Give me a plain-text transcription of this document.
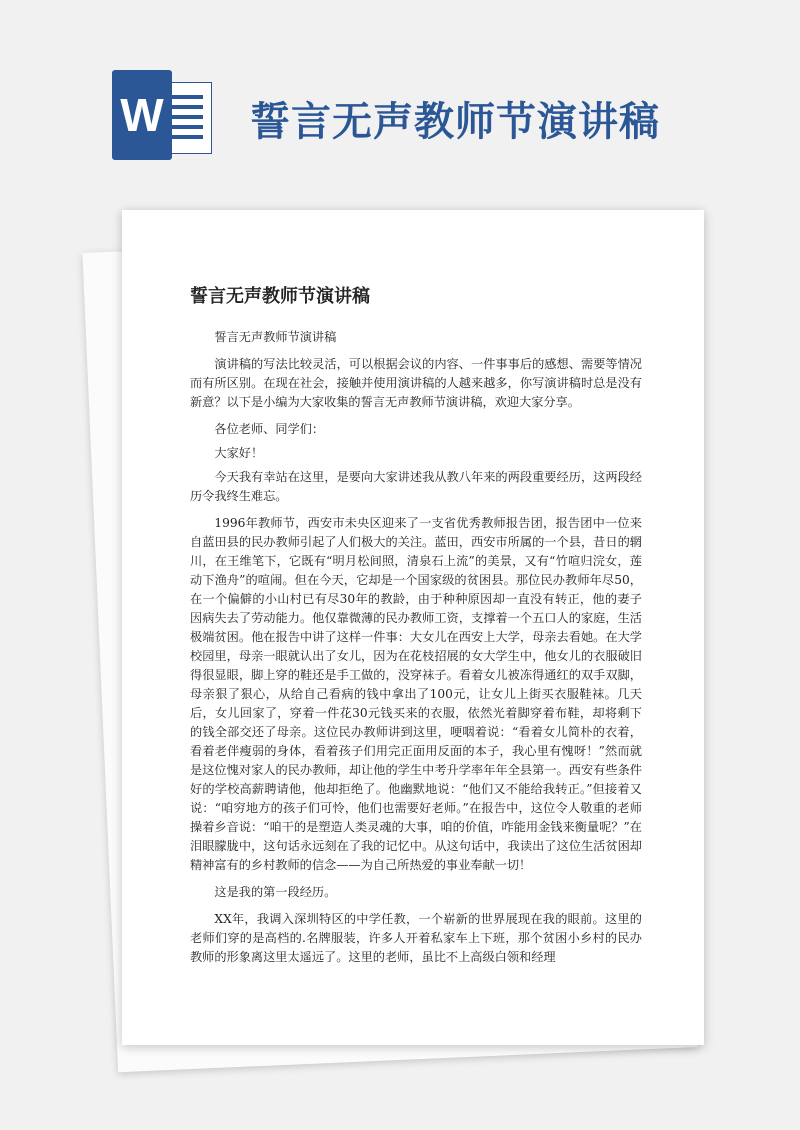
W 誓言无声教师节演讲稿
誓言无声教师节演讲稿

誓言无声教师节演讲稿

演讲稿的写法比较灵活，可以根据会议的内容、一件事事后的感想、需要等情况而有所区别。在现在社会，接触并使用演讲稿的人越来越多，你写演讲稿时总是没有新意？以下是小编为大家收集的誓言无声教师节演讲稿，欢迎大家分享。

各位老师、同学们：

大家好！

今天我有幸站在这里，是要向大家讲述我从教八年来的两段重要经历，这两段经历令我终生难忘。

1996年教师节，西安市未央区迎来了一支省优秀教师报告团，报告团中一位来自蓝田县的民办教师引起了人们极大的关注。蓝田，西安市所属的一个县，昔日的辋川，在王维笔下，它既有“明月松间照，清泉石上流”的美景，又有“竹喧归浣女，莲动下渔舟”的喧闹。但在今天，它却是一个国家级的贫困县。那位民办教师年尽50，在一个偏僻的小山村已有尽30年的教龄，由于种种原因却一直没有转正，他的妻子因病失去了劳动能力。他仅靠微薄的民办教师工资，支撑着一个五口人的家庭，生活极端贫困。他在报告中讲了这样一件事：大女儿在西安上大学，母亲去看她。在大学校园里，母亲一眼就认出了女儿，因为在花枝招展的女大学生中，他女儿的衣服破旧得很显眼，脚上穿的鞋还是手工做的，没穿袜子。看着女儿被冻得通红的双手双脚，母亲狠了狠心，从给自己看病的钱中拿出了100元，让女儿上街买衣服鞋袜。几天后，女儿回家了，穿着一件花30元钱买来的衣服，依然光着脚穿着布鞋，却将剩下的钱全部交还了母亲。这位民办教师讲到这里，哽咽着说：“看着女儿简朴的衣着，看着老伴瘦弱的身体，看着孩子们用完正面用反面的本子，我心里有愧呀！”然而就是这位愧对家人的民办教师，却让他的学生中考升学率年年全县第一。西安有些条件好的学校高薪聘请他，他却拒绝了。他幽默地说：“他们又不能给我转正。”但接着又说：“咱穷地方的孩子们可怜，他们也需要好老师。”在报告中，这位令人敬重的老师操着乡音说：“咱干的是塑造人类灵魂的大事，咱的价值，咋能用金钱来衡量呢？”在泪眼朦胧中，这句话永远刻在了我的记忆中。从这句话中，我读出了这位生活贫困却精神富有的乡村教师的信念——为自己所热爱的事业奉献一切！

这是我的第一段经历。

XX年，我调入深圳特区的中学任教，一个崭新的世界展现在我的眼前。这里的老师们穿的是高档的.名牌服装，许多人开着私家车上下班，那个贫困小乡村的民办教师的形象离这里太遥远了。这里的老师，虽比不上高级白领和经理
